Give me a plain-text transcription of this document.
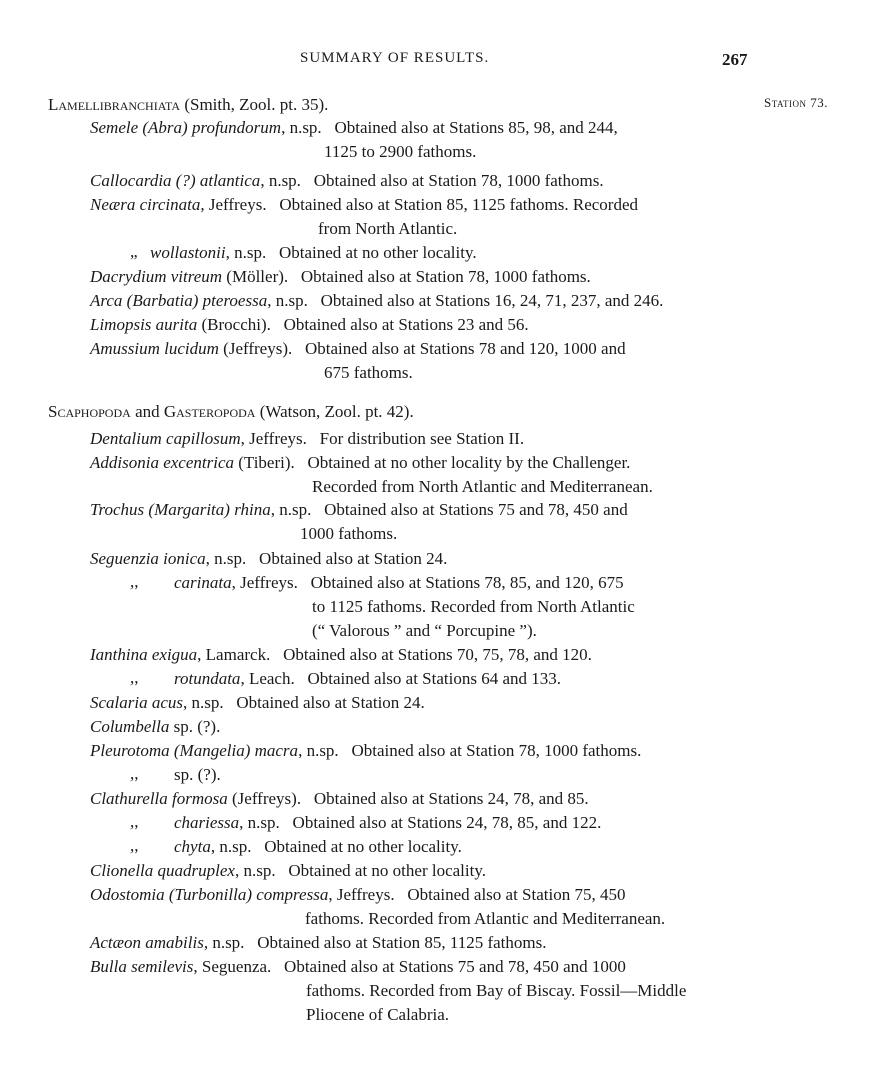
SUMMARY OF RESULTS.	267
Station 73.
Lamellibranchiata (Smith, Zool. pt. 35).
Semele (Abra) profundorum, n.sp.  Obtained also at Stations 85, 98, and 244,
1125 to 2900 fathoms.
Callocardia (?) atlantica, n.sp.  Obtained also at Station 78, 1000 fathoms.
Neæra circinata, Jeffreys.  Obtained also at Station 85, 1125 fathoms. Recorded
from North Atlantic.
„ wollastonii, n.sp.  Obtained at no other locality.
Dacrydium vitreum (Möller).  Obtained also at Station 78, 1000 fathoms.
Arca (Barbatia) pteroessa, n.sp.  Obtained also at Stations 16, 24, 71, 237, and 246.
Limopsis aurita (Brocchi).  Obtained also at Stations 23 and 56.
Amussium lucidum (Jeffreys).  Obtained also at Stations 78 and 120, 1000 and
675 fathoms.
Scaphopoda and Gasteropoda (Watson, Zool. pt. 42).
Dentalium capillosum, Jeffreys.  For distribution see Station II.
Addisonia excentrica (Tiberi).  Obtained at no other locality by the Challenger.
Recorded from North Atlantic and Mediterranean.
Trochus (Margarita) rhina, n.sp.  Obtained also at Stations 75 and 78, 450 and
1000 fathoms.
Seguenzia ionica, n.sp.  Obtained also at Station 24.
,, carinata, Jeffreys.  Obtained also at Stations 78, 85, and 120, 675
to 1125 fathoms. Recorded from North Atlantic
(“ Valorous ” and “ Porcupine ”).
Ianthina exigua, Lamarck.  Obtained also at Stations 70, 75, 78, and 120.
,, rotundata, Leach.  Obtained also at Stations 64 and 133.
Scalaria acus, n.sp.  Obtained also at Station 24.
Columbella sp. (?).
Pleurotoma (Mangelia) macra, n.sp.  Obtained also at Station 78, 1000 fathoms.
,, sp. (?).
Clathurella formosa (Jeffreys).  Obtained also at Stations 24, 78, and 85.
,, chariessa, n.sp.  Obtained also at Stations 24, 78, 85, and 122.
,, chyta, n.sp.  Obtained at no other locality.
Clionella quadruplex, n.sp.  Obtained at no other locality.
Odostomia (Turbonilla) compressa, Jeffreys.  Obtained also at Station 75, 450
fathoms. Recorded from Atlantic and Mediterranean.
Actæon amabilis, n.sp.  Obtained also at Station 85, 1125 fathoms.
Bulla semilevis, Seguenza.  Obtained also at Stations 75 and 78, 450 and 1000
fathoms. Recorded from Bay of Biscay. Fossil—Middle
Pliocene of Calabria.
